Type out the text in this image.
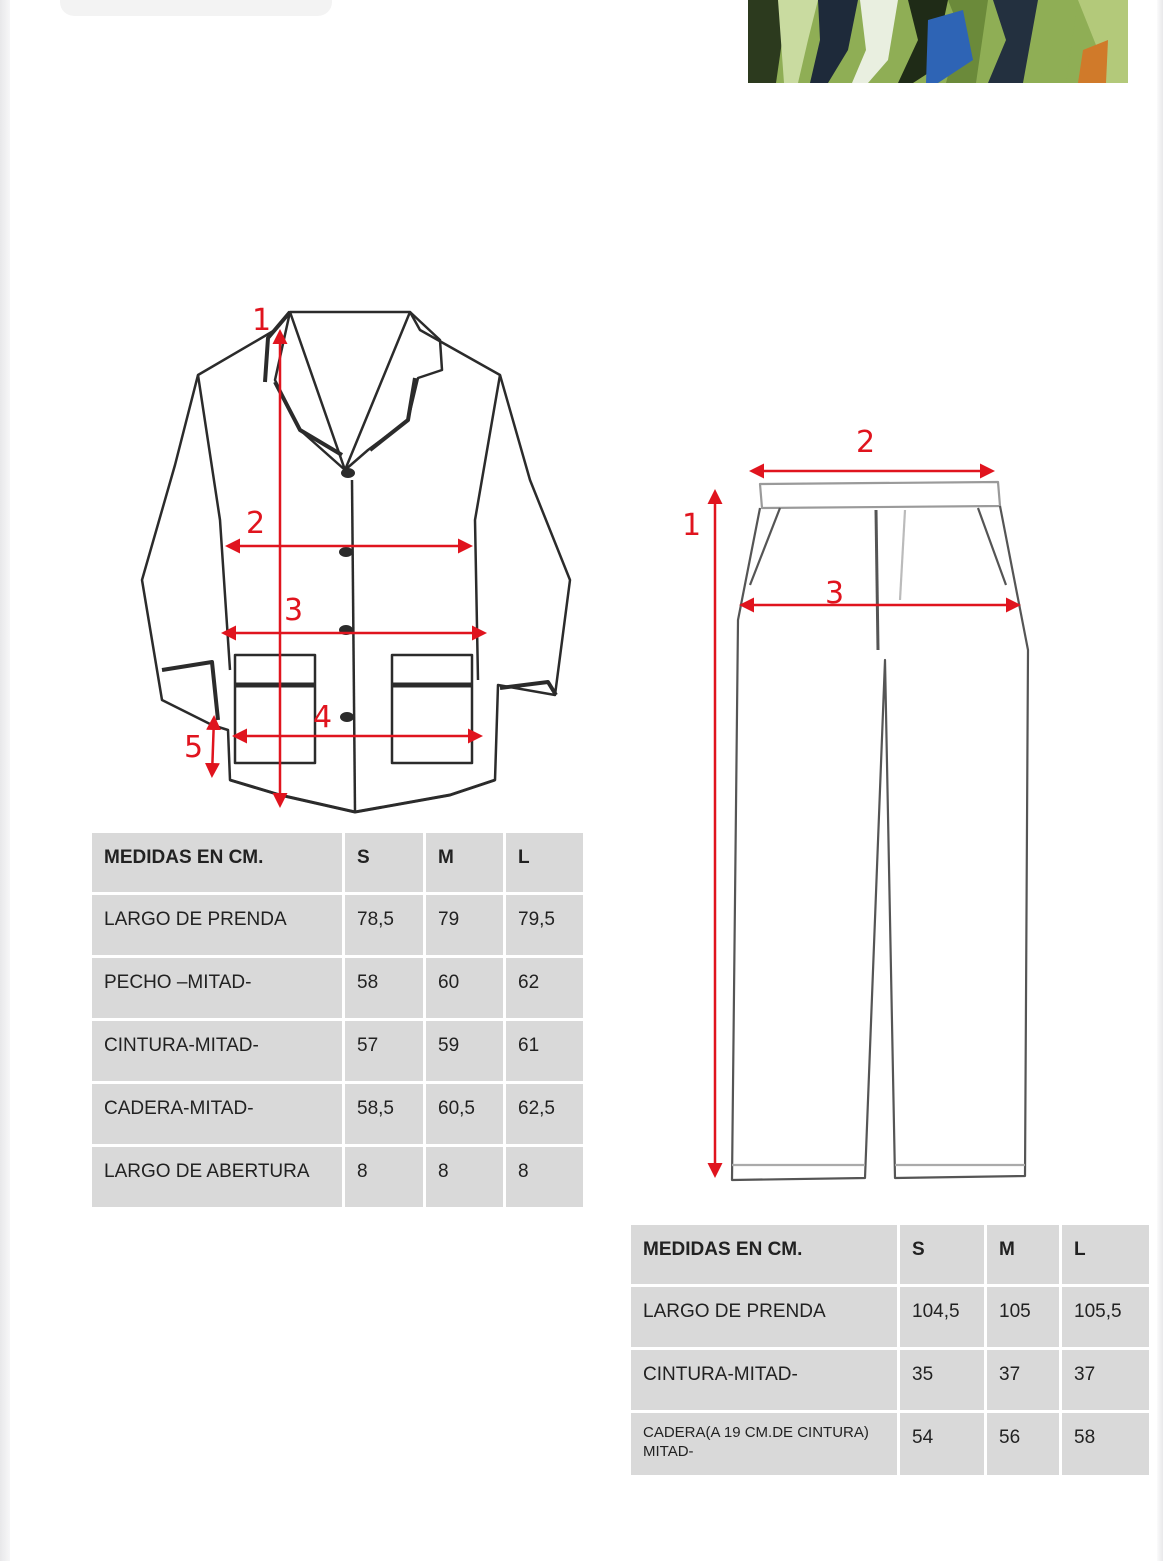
1
2
3
4
5
MEDIDAS EN CM.	S	M	L
LARGO DE PRENDA	78,5	79	79,5
PECHO –MITAD-	58	60	62
CINTURA-MITAD-	57	59	61
CADERA-MITAD-	58,5	60,5	62,5
LARGO DE ABERTURA	8	8	8
1
2
3
MEDIDAS EN CM.	S	M	L
LARGO DE PRENDA	104,5	105	105,5
CINTURA-MITAD-	35	37	37
CADERA(A 19 CM.DE CINTURA) MITAD-	54	56	58
